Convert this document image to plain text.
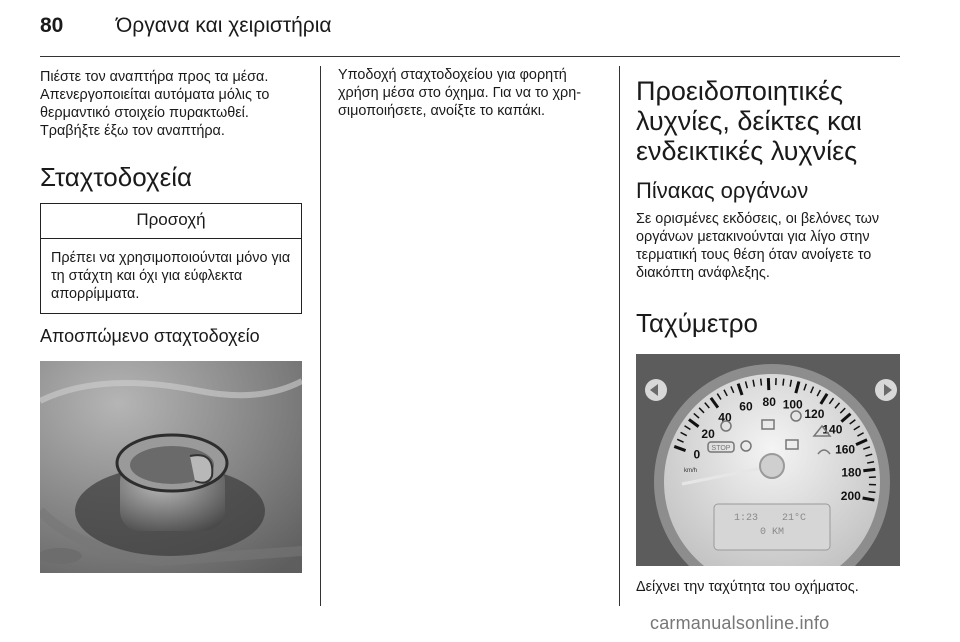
80	Όργανα και χειριστήρια

Πιέστε τον αναπτήρα προς τα μέσα. Απενεργοποιείται αυτόματα μόλις το θερμαντικό στοιχείο πυρακτωθεί. Τραβήξτε έξω τον αναπτήρα.

Σταχτοδοχεία
Προσοχή

Πρέπει να χρησιμοποιούνται μόνο για τη στάχτη και όχι για εύφλεκτα απορρίμματα.

Αποσπώμενο σταχτοδοχείο

Υποδοχή σταχτοδοχείου για φορητή χρήση μέσα στο όχημα. Για να το χρησιμοποιήσετε, ανοίξτε το καπάκι.

Προειδοποιητικές λυχνίες, δείκτες και ενδεικτικές λυχνίες
Πίνακας οργάνων

Σε ορισμένες εκδόσεις, οι βελόνες των οργάνων μετακινούνται για λίγο στην τερματική τους θέση όταν ανοίγετε το διακόπτη ανάφλεξης.

Ταχύμετρο
0
20
40
60 80 100
120
140
160
180
200
STOP
1:23 21°C
0 KM
km/h

Δείχνει την ταχύτητα του οχήματος.

carmanualsonline.info
